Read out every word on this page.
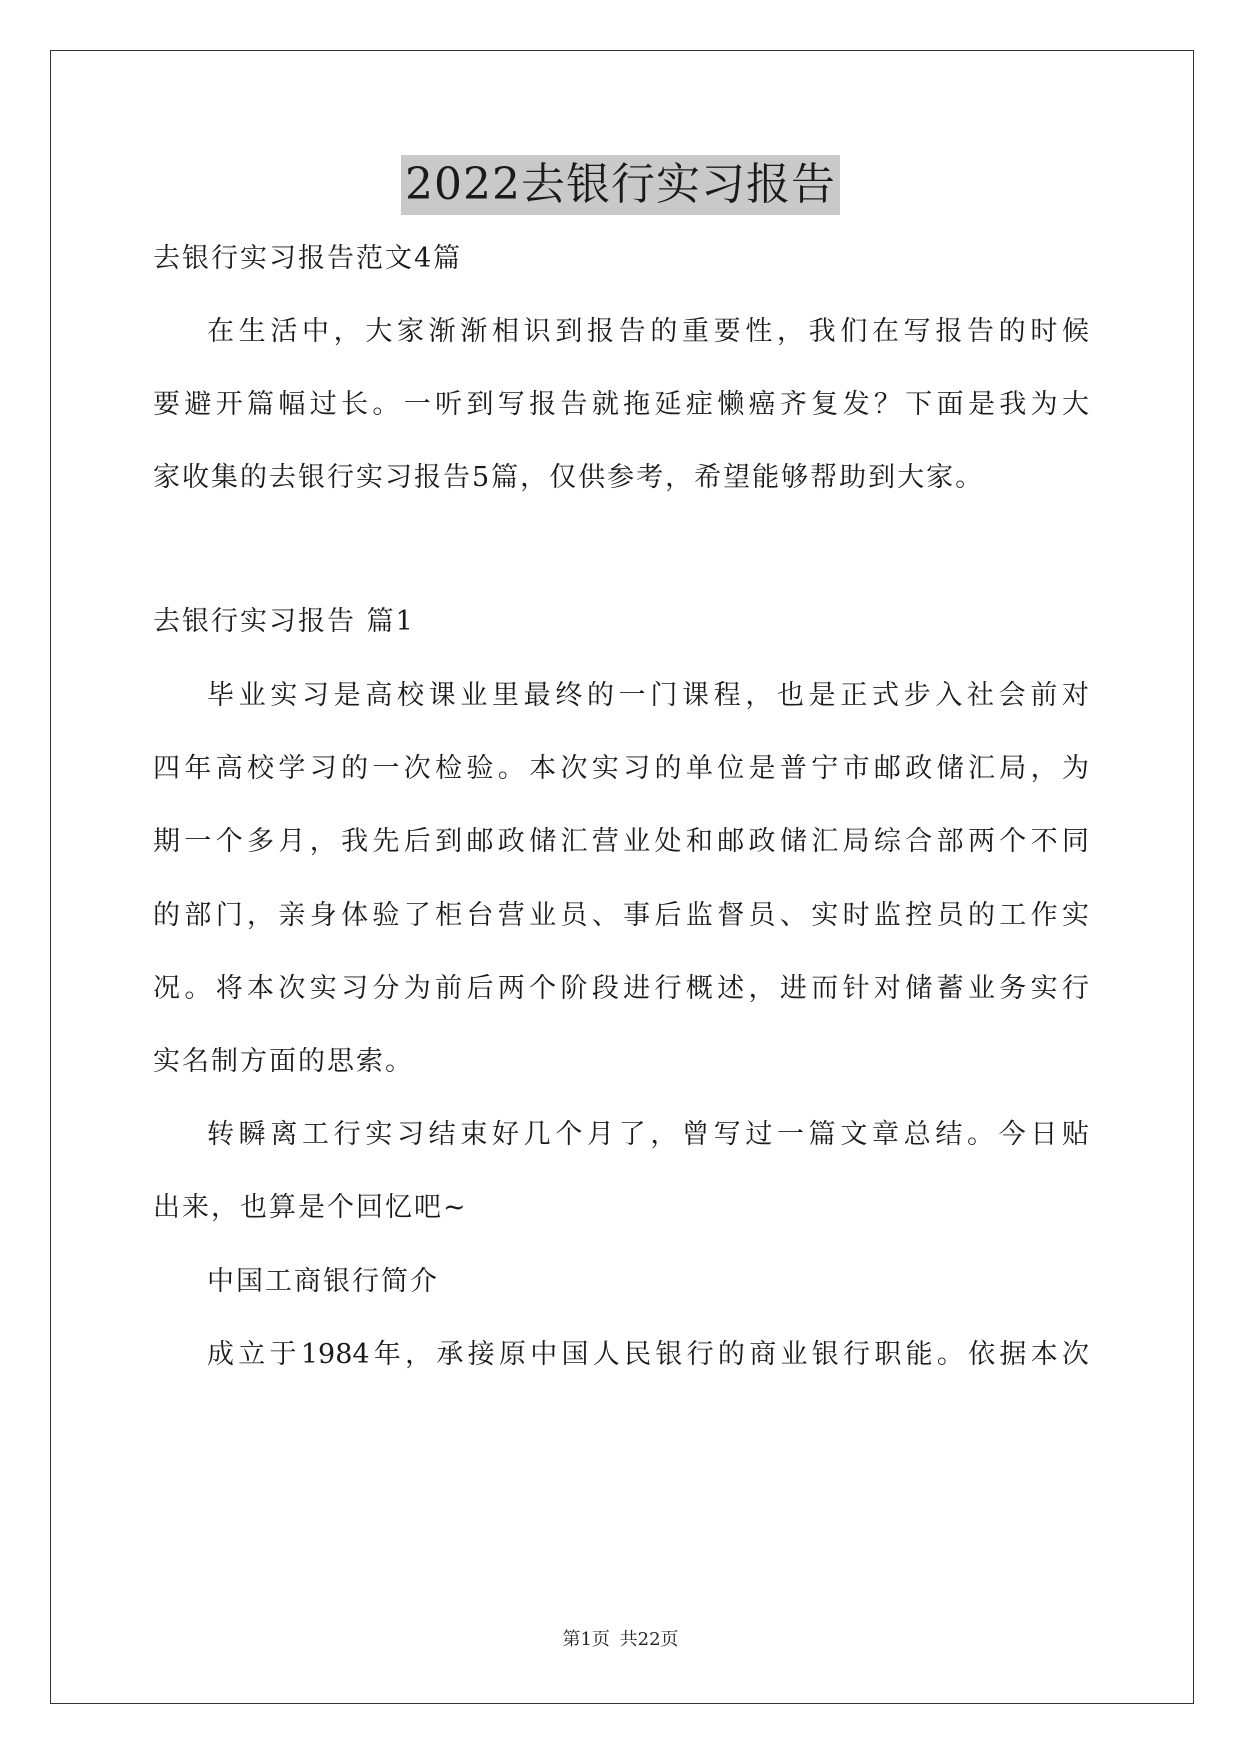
2022去银行实习报告
去银行实习报告范文4篇
在生活中，大家渐渐相识到报告的重要性，我们在写报告的时候
要避开篇幅过长。一听到写报告就拖延症懒癌齐复发？下面是我为大
家收集的去银行实习报告5篇，仅供参考，希望能够帮助到大家。
去银行实习报告 篇1
毕业实习是高校课业里最终的一门课程，也是正式步入社会前对
四年高校学习的一次检验。本次实习的单位是普宁市邮政储汇局，为
期一个多月，我先后到邮政储汇营业处和邮政储汇局综合部两个不同
的部门，亲身体验了柜台营业员、事后监督员、实时监控员的工作实
况。将本次实习分为前后两个阶段进行概述，进而针对储蓄业务实行
实名制方面的思索。
转瞬离工行实习结束好几个月了，曾写过一篇文章总结。今日贴
出来，也算是个回忆吧~
中国工商银行简介
成立于1984年，承接原中国人民银行的商业银行职能。依据本次
第1页 共22页
